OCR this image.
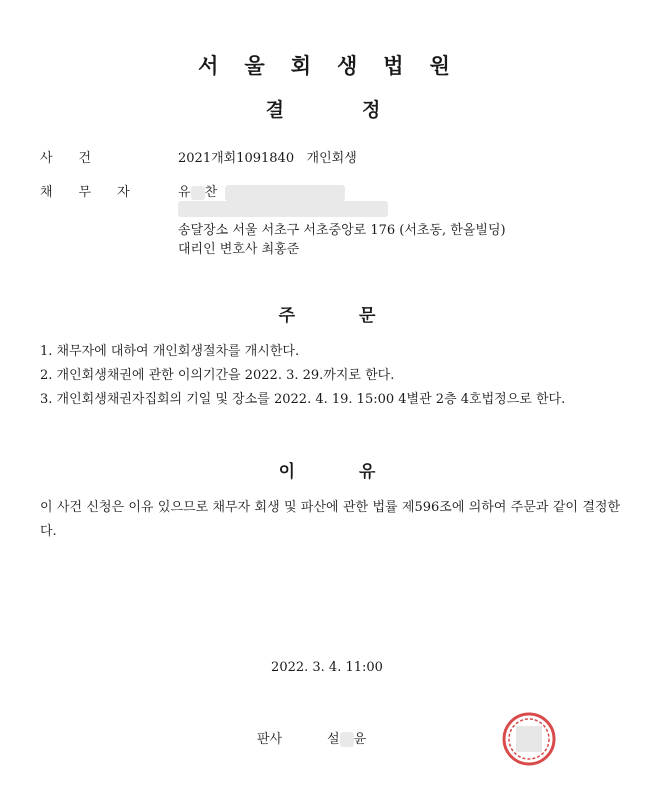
서울회생법원
결정
사건	2021개회1091840 개인회생
채무자 유 찬
송달장소 서울 서초구 서초중앙로 176 (서초동, 한올빌딩)
대리인 변호사 최홍준
주문
1. 채무자에 대하여 개인회생절차를 개시한다.
2. 개인회생채권에 관한 이의기간을 2022. 3. 29.까지로 한다.
3. 개인회생채권자집회의 기일 및 장소를 2022. 4. 19. 15:00 4별관 2층 4호법정으로 한다.
이유
이 사건 신청은 이유 있으므로 채무자 회생 및 파산에 관한 법률 제596조에 의하여 주문과 같이 결정한다.
2022. 3. 4. 11:00
판사	설 윤
